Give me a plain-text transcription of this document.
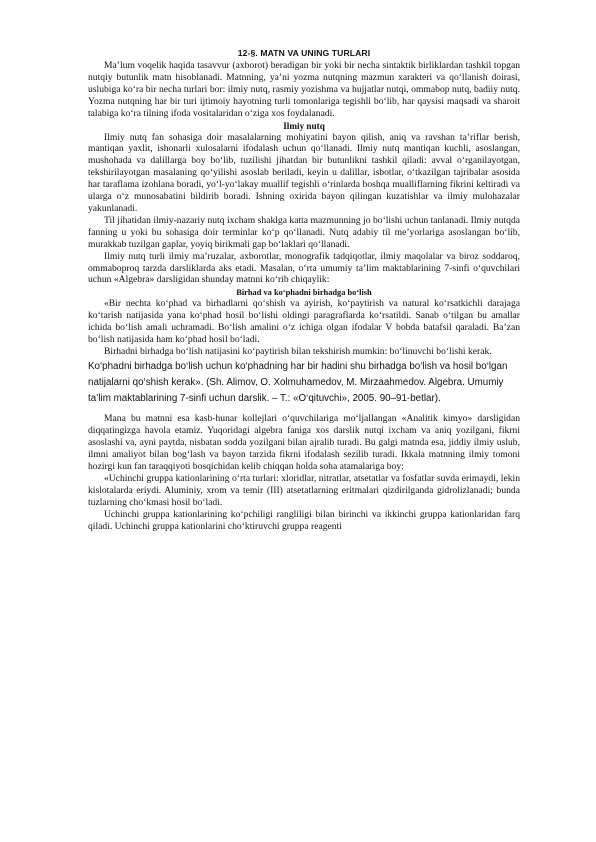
12-§. MATN VA UNING TURLARI

Ma’lum voqelik haqida tasavvur (axborot) beradigan bir yoki bir necha sintaktik birliklardan tashkil topgan nutqiy butunlik matn hisoblanadi. Matnning, ya’ni yozma nutqning mazmun xarakteri va qo‘llanish doirasi, uslubiga ko‘ra bir necha turlari bor: ilmiy nutq, rasmiy yozishma va hujjatlar nutqi, ommabop nutq, badiiy nutq. Yozma nutqning har bir turi ijtimoiy hayotning turli tomonlariga tegishli bo‘lib, har qaysisi maqsadi va sharoit talabiga ko‘ra tilning ifoda vositalaridan o‘ziga xos foydalanadi.

Ilmiy nutq

Ilmiy nutq fan sohasiga doir masalalarning mohiyatini bayon qilish, aniq va ravshan ta’riflar berish, mantiqan yaxlit, ishonarli xulosalarni ifodalash uchun qo‘llanadi. Ilmiy nutq mantiqan kuchli, asoslangan, mushohada va dalillarga boy bo‘lib, tuzilishi jihatdan bir butunlikni tashkil qiladi: avval o‘rganilayotgan, tekshirilayotgan masalaning qo‘yilishi asoslab beriladi, keyin u dalillar, isbotlar, o‘tkazilgan tajribalar asosida har taraflama izohlana boradi, yo‘l-yo‘lakay muallif tegishli o‘rinlarda boshqa mualliflarning fikrini keltiradi va ularga o‘z munosabatini bildirib boradi. Ishning oxirida bayon qilingan kuzatishlar va ilmiy mulohazalar yakunlanadi.

Til jihatidan ilmiy-nazariy nutq ixcham shaklga katta mazmunning jo bo‘lishi uchun tanlanadi. Ilmiy nutqda fanning u yoki bu sohasiga doir terminlar ko‘p qo‘llanadi. Nutq adabiy til me’yorlariga asoslangan bo‘lib, murakkab tuzilgan gaplar, yoyiq birikmali gap bo‘laklari qo‘llanadi.

Ilmiy nutq turli ilmiy ma’ruzalar, axborotlar, monografik tadqiqotlar, ilmiy maqolalar va biroz soddaroq, ommaboproq tarzda darsliklarda aks etadi. Masalan, o‘rta umumiy ta’lim maktablarining 7-sinfi o‘quvchilari uchun «Algebra» darsligidan shunday matnni ko‘rib chiqaylik:

Birhad va ko‘phadni birhadga bo‘lish

«Bir nechta ko‘phad va birhadlarni qo‘shish va ayirish, ko‘paytirish va natural ko‘rsatkichli darajaga ko‘tarish natijasida yana ko‘phad hosil bo‘lishi oldingi paragraflarda ko‘rsatildi. Sanab o‘tilgan bu amallar ichida bo‘lish amali uchramadi. Bo‘lish amalini o‘z ichiga olgan ifodalar V bobda batafsil qaraladi. Ba’zan bo‘lish natijasida ham ko‘phad hosil bo‘ladi.

Birhadni birhadga bo‘lish natijasini ko‘paytirish bilan tekshirish mumkin: bo‘linuvchi bo‘lishi kerak.

Ko‘phadni birhadga bo‘lish uchun ko‘phadning har bir hadini shu birhadga bo‘lish va hosil bo‘lgan natijalarni qo‘shish kerak». (Sh. Alimov, O. Xolmuhamedov, M. Mirzaahmedov. Algebra. Umumiy ta’lim maktablarining 7-sinfi uchun darslik. – T.: «O‘qituvchi», 2005. 90–91-betlar).

Mana bu matnni esa kasb-hunar kollejlari o‘quvchilariga mo‘ljallangan «Analitik kimyo» darsligidan diqqatingizga havola etamiz. Yuqoridagi algebra faniga xos darslik nutqi ixcham va aniq yozilgani, fikrni asoslashi va, ayni paytda, nisbatan sodda yozilgani bilan ajralib turadi. Bu galgi matnda esa, jiddiy ilmiy uslub, ilmni amaliyot bilan bog‘lash va bayon tarzida fikrni ifodalash sezilib turadi. Ikkala matnning ilmiy tomoni hozirgi kun fan taraqqiyoti bosqichidan kelib chiqqan holda soha atamalariga boy:

«Uchinchi gruppa kationlarining o‘rta turlari: xloridlar, nitratlar, atsetatlar va fosfatlar suvda erimaydi, lekin kislotalarda eriydi. Aluminiy, xrom va temir (III) atsetatlarning eritmalari qizdirilganda gidrolizlanadi; bunda tuzlarning cho‘kmasi hosil bo‘ladi.

Uchinchi gruppa kationlarining ko‘pchiligi rangliligi bilan birinchi va ikkinchi gruppa kationlaridan farq qiladi. Uchinchi gruppa kationlarini cho‘ktiruvchi gruppa reagenti
